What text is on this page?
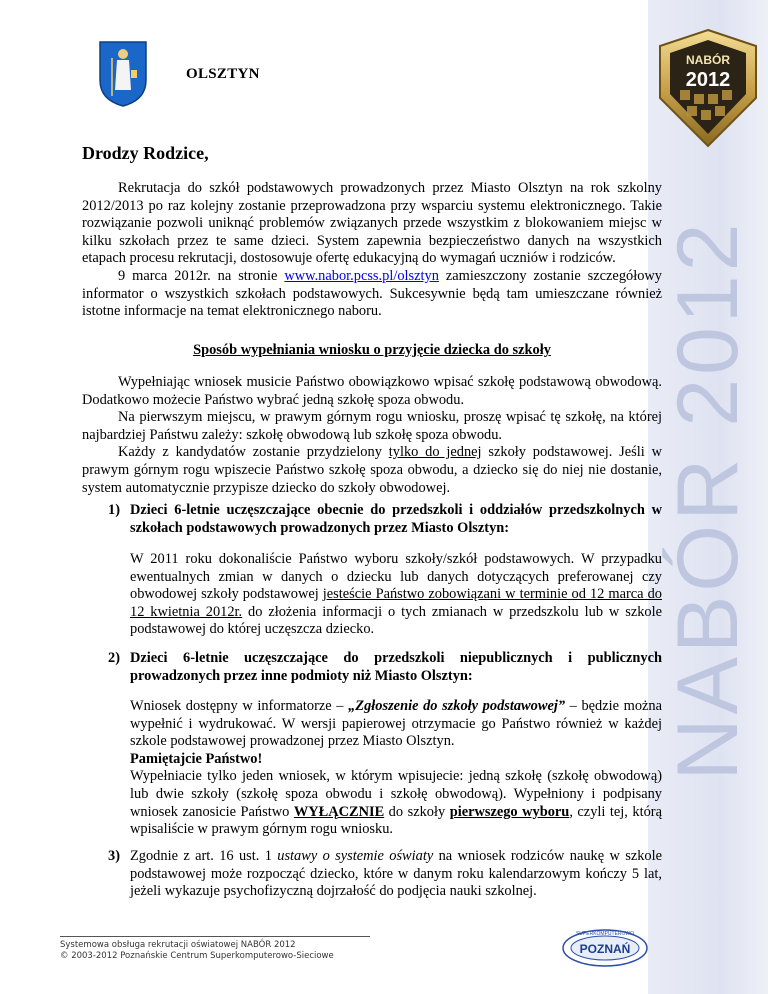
NABÓR 2012
NABÓR
2012
OLSZTYN
Drodzy Rodzice,

Rekrutacja do szkół podstawowych prowadzonych przez Miasto Olsztyn na rok szkolny 2012/2013 po raz kolejny zostanie przeprowadzona przy wsparciu systemu elektronicznego. Takie rozwiązanie pozwoli uniknąć problemów związanych przede wszystkim z blokowaniem miejsc w kilku szkołach przez te same dzieci. System zapewnia bezpieczeństwo danych na wszystkich etapach procesu rekrutacji, dostosowuje ofertę edukacyjną do wymagań uczniów i rodziców.

9 marca 2012r. na stronie www.nabor.pcss.pl/olsztyn zamieszczony zostanie szczegółowy informator o wszystkich szkołach podstawowych. Sukcesywnie będą tam umieszczane również istotne informacje na temat elektronicznego naboru.

Sposób wypełniania wniosku o przyjęcie dziecka do szkoły

Wypełniając wniosek musicie Państwo obowiązkowo wpisać szkołę podstawową obwodową. Dodatkowo możecie Państwo wybrać jedną szkołę spoza obwodu.

Na pierwszym miejscu, w prawym górnym rogu wniosku, proszę wpisać tę szkołę, na której najbardziej Państwu zależy: szkołę obwodową lub szkołę spoza obwodu.

Każdy z kandydatów zostanie przydzielony tylko do jednej szkoły podstawowej. Jeśli w prawym górnym rogu wpiszecie Państwo szkołę spoza obwodu, a dziecko się do niej nie dostanie, system automatycznie przypisze dziecko do szkoły obwodowej.

1) Dzieci 6-letnie uczęszczające obecnie do przedszkoli i oddziałów przedszkolnych w szkołach podstawowych prowadzonych przez Miasto Olsztyn:

W 2011 roku dokonaliście Państwo wyboru szkoły/szkół podstawowych. W przypadku ewentualnych zmian w danych o dziecku lub danych dotyczących preferowanej czy obwodowej szkoły podstawowej jesteście Państwo zobowiązani w terminie od 12 marca do 12 kwietnia 2012r. do złożenia informacji o tych zmianach w przedszkolu lub w szkole podstawowej do której uczęszcza dziecko.

2) Dzieci 6-letnie uczęszczające do przedszkoli niepublicznych i publicznych prowadzonych przez inne podmioty niż Miasto Olsztyn:

Wniosek dostępny w informatorze – „Zgłoszenie do szkoły podstawowej” – będzie można wypełnić i wydrukować. W wersji papierowej otrzymacie go Państwo również w każdej szkole podstawowej prowadzonej przez Miasto Olsztyn.

Pamiętajcie Państwo!

Wypełniacie tylko jeden wniosek, w którym wpisujecie: jedną szkołę (szkołę obwodową) lub dwie szkoły (szkołę spoza obwodu i szkołę obwodową). Wypełniony i podpisany wniosek zanosicie Państwo WYŁĄCZNIE do szkoły pierwszego wyboru, czyli tej, którą wpisaliście w prawym górnym rogu wniosku.

3) Zgodnie z art. 16 ust. 1 ustawy o systemie oświaty na wniosek rodziców naukę w szkole podstawowej może rozpocząć dziecko, które w danym roku kalendarzowym kończy 5 lat, jeżeli wykazuje psychofizyczną dojrzałość do podjęcia nauki szkolnej.
Systemowa obsługa rekrutacji oświatowej NABÓR 2012
© 2003-2012 Poznańskie Centrum Superkomputerowo-Sieciowe
SUPERKOMPUTEROWO
POZNAŃ
